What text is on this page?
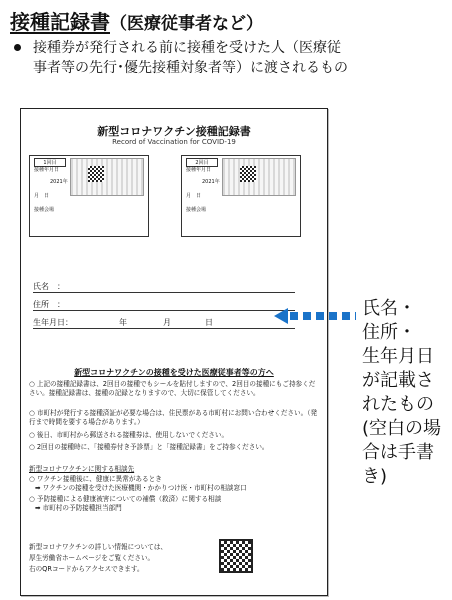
接種記録書（医療従事者など）
接種券が発行される前に接種を受けた人（医療従
事者等の先行･優先接種対象者等）に渡されるもの
新型コロナワクチン接種記録書
Record of Vaccination for COVID-19
1回目
接種年月日
2021年
月　日
接種会場
2回目
接種年月日
2021年
月　日
接種会場
氏名　：
住所　：
生年月日：	年	月	日
新型コロナワクチンの接種を受けた医療従事者等の方へ
○ 上記の接種記録書は、2回目の接種でもシールを貼付しますので、2回目の接種にもご持参ください。接種記録書は、接種の記録となりますので、大切に保管してください。
○ 市町村が発行する接種済証が必要な場合は、住民票がある市町村にお問い合わせください。（発行まで時間を要する場合があります。）
○ 後日、市町村から郵送される接種券は、使用しないでください。
○ 2回目の接種時に、「接種券付き予診票」と「接種記録書」をご持参ください。
新型コロナワクチンに関する相談先
○ ワクチン接種後に、健康に異常があるとき
➡ ワクチンの接種を受けた医療機関・かかりつけ医・市町村の相談窓口
○ 予防接種による健康被害についての補償（救済）に関する相談
➡ 市町村の予防接種担当部門
新型コロナワクチンの詳しい情報については、
厚生労働省ホームページをご覧ください。
右のQRコードからアクセスできます。
氏名・
住所・
生年月日
が記載さ
れたもの
(空白の場
合は手書
き)
